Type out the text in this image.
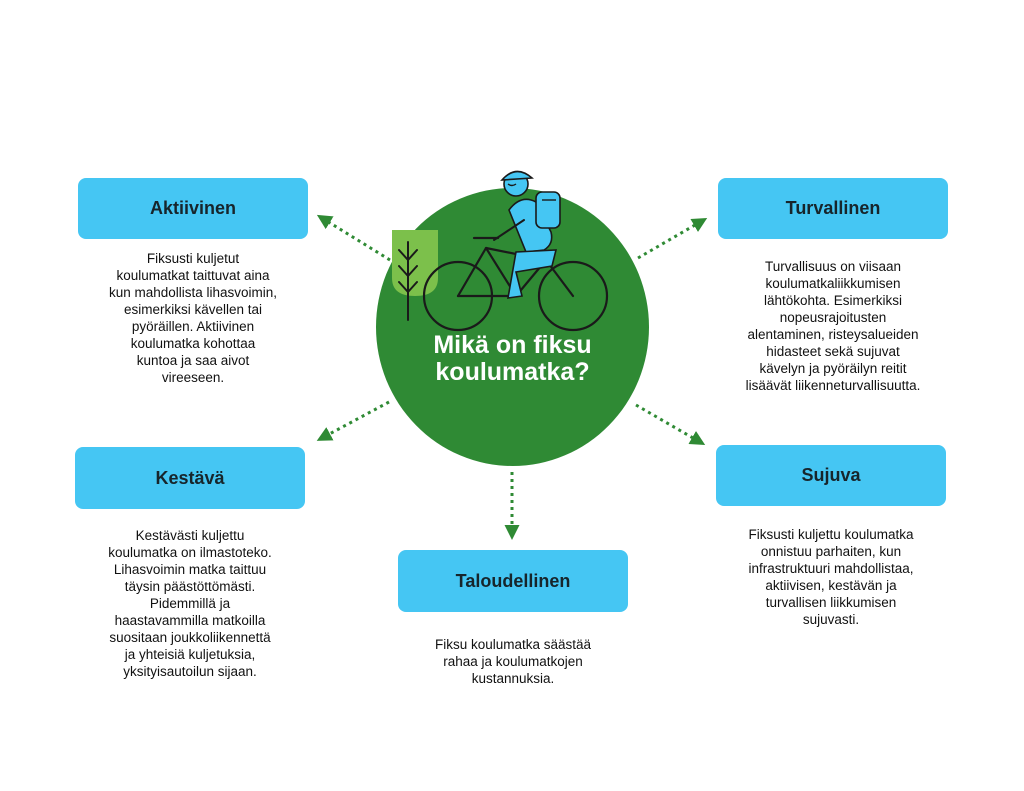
Mikä on fiksu
koulumatka?
Aktiivinen
Fiksusti kuljetut
koulumatkat taittuvat aina
kun mahdollista lihasvoimin,
esimerkiksi kävellen tai
pyöräillen. Aktiivinen
koulumatka kohottaa
kuntoa ja saa aivot
vireeseen.
Turvallinen
Turvallisuus on viisaan
koulumatkaliikkumisen
lähtökohta. Esimerkiksi
nopeusrajoitusten
alentaminen, risteysalueiden
hidasteet sekä sujuvat
kävelyn ja pyöräilyn reitit
lisäävät liikenneturvallisuutta.
Kestävä
Kestävästi kuljettu
koulumatka on ilmastoteko.
Lihasvoimin matka taittuu
täysin päästöttömästi.
Pidemmillä ja
haastavammilla matkoilla
suositaan joukkoliikennettä
ja yhteisiä kuljetuksia,
yksityisautoilun sijaan.
Sujuva
Fiksusti kuljettu koulumatka
onnistuu parhaiten, kun
infrastruktuuri mahdollistaa,
aktiivisen, kestävän ja
turvallisen liikkumisen
sujuvasti.
Taloudellinen
Fiksu koulumatka säästää
rahaa ja koulumatkojen
kustannuksia.
